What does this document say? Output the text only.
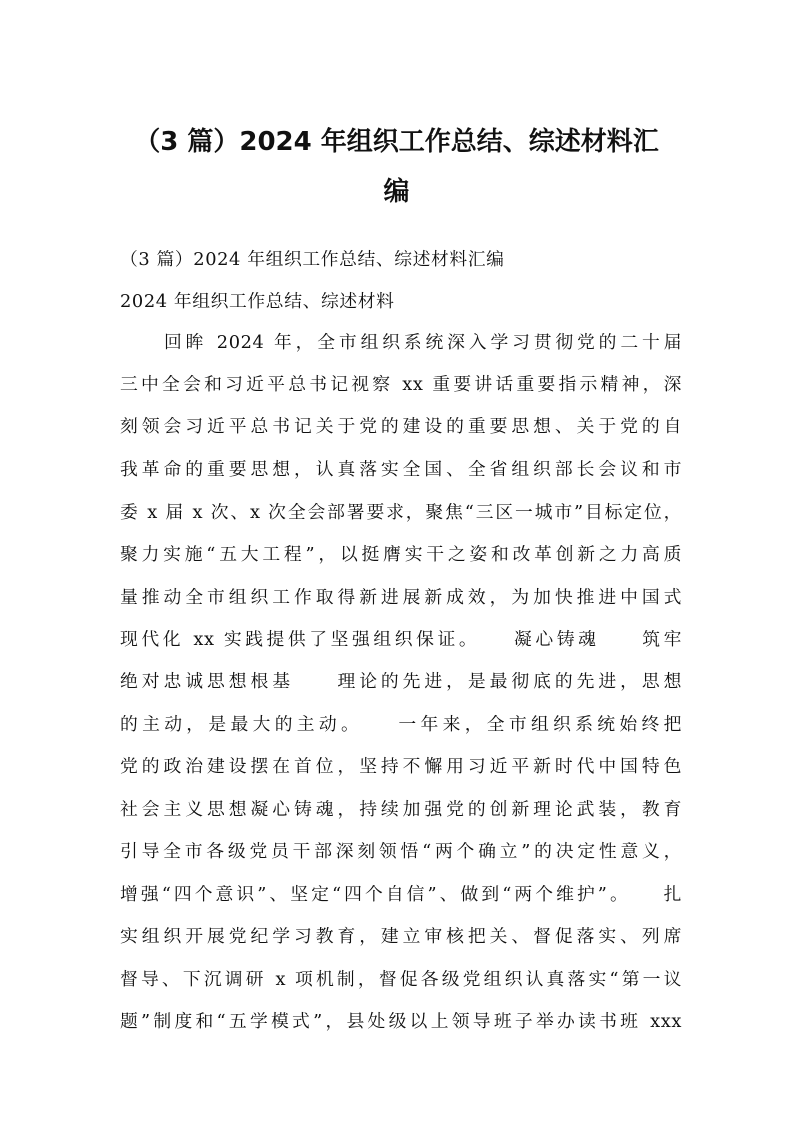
（3 篇）2024 年组织工作总结、综述材料汇
编

（3 篇）2024 年组织工作总结、综述材料汇编

2024 年组织工作总结、综述材料

回眸 2024 年，全市组织系统深入学习贯彻党的二十届

三中全会和习近平总书记视察 xx 重要讲话重要指示精神，深

刻领会习近平总书记关于党的建设的重要思想、关于党的自

我革命的重要思想，认真落实全国、全省组织部长会议和市

委 x 届 x 次、x 次全会部署要求，聚焦“三区一城市”目标定位，

聚力实施“五大工程”，以挺膺实干之姿和改革创新之力高质

量推动全市组织工作取得新进展新成效，为加快推进中国式

现代化 xx 实践提供了坚强组织保证。　　凝心铸魂　　筑牢

绝对忠诚思想根基　　理论的先进，是最彻底的先进，思想

的主动，是最大的主动。　　一年来，全市组织系统始终把

党的政治建设摆在首位，坚持不懈用习近平新时代中国特色

社会主义思想凝心铸魂，持续加强党的创新理论武装，教育

引导全市各级党员干部深刻领悟“两个确立”的决定性意义，

增强“四个意识”、坚定“四个自信”、做到“两个维护”。　　扎

实组织开展党纪学习教育，建立审核把关、督促落实、列席

督导、下沉调研 x 项机制，督促各级党组织认真落实“第一议

题”制度和“五学模式”，县处级以上领导班子举办读书班 xxx
